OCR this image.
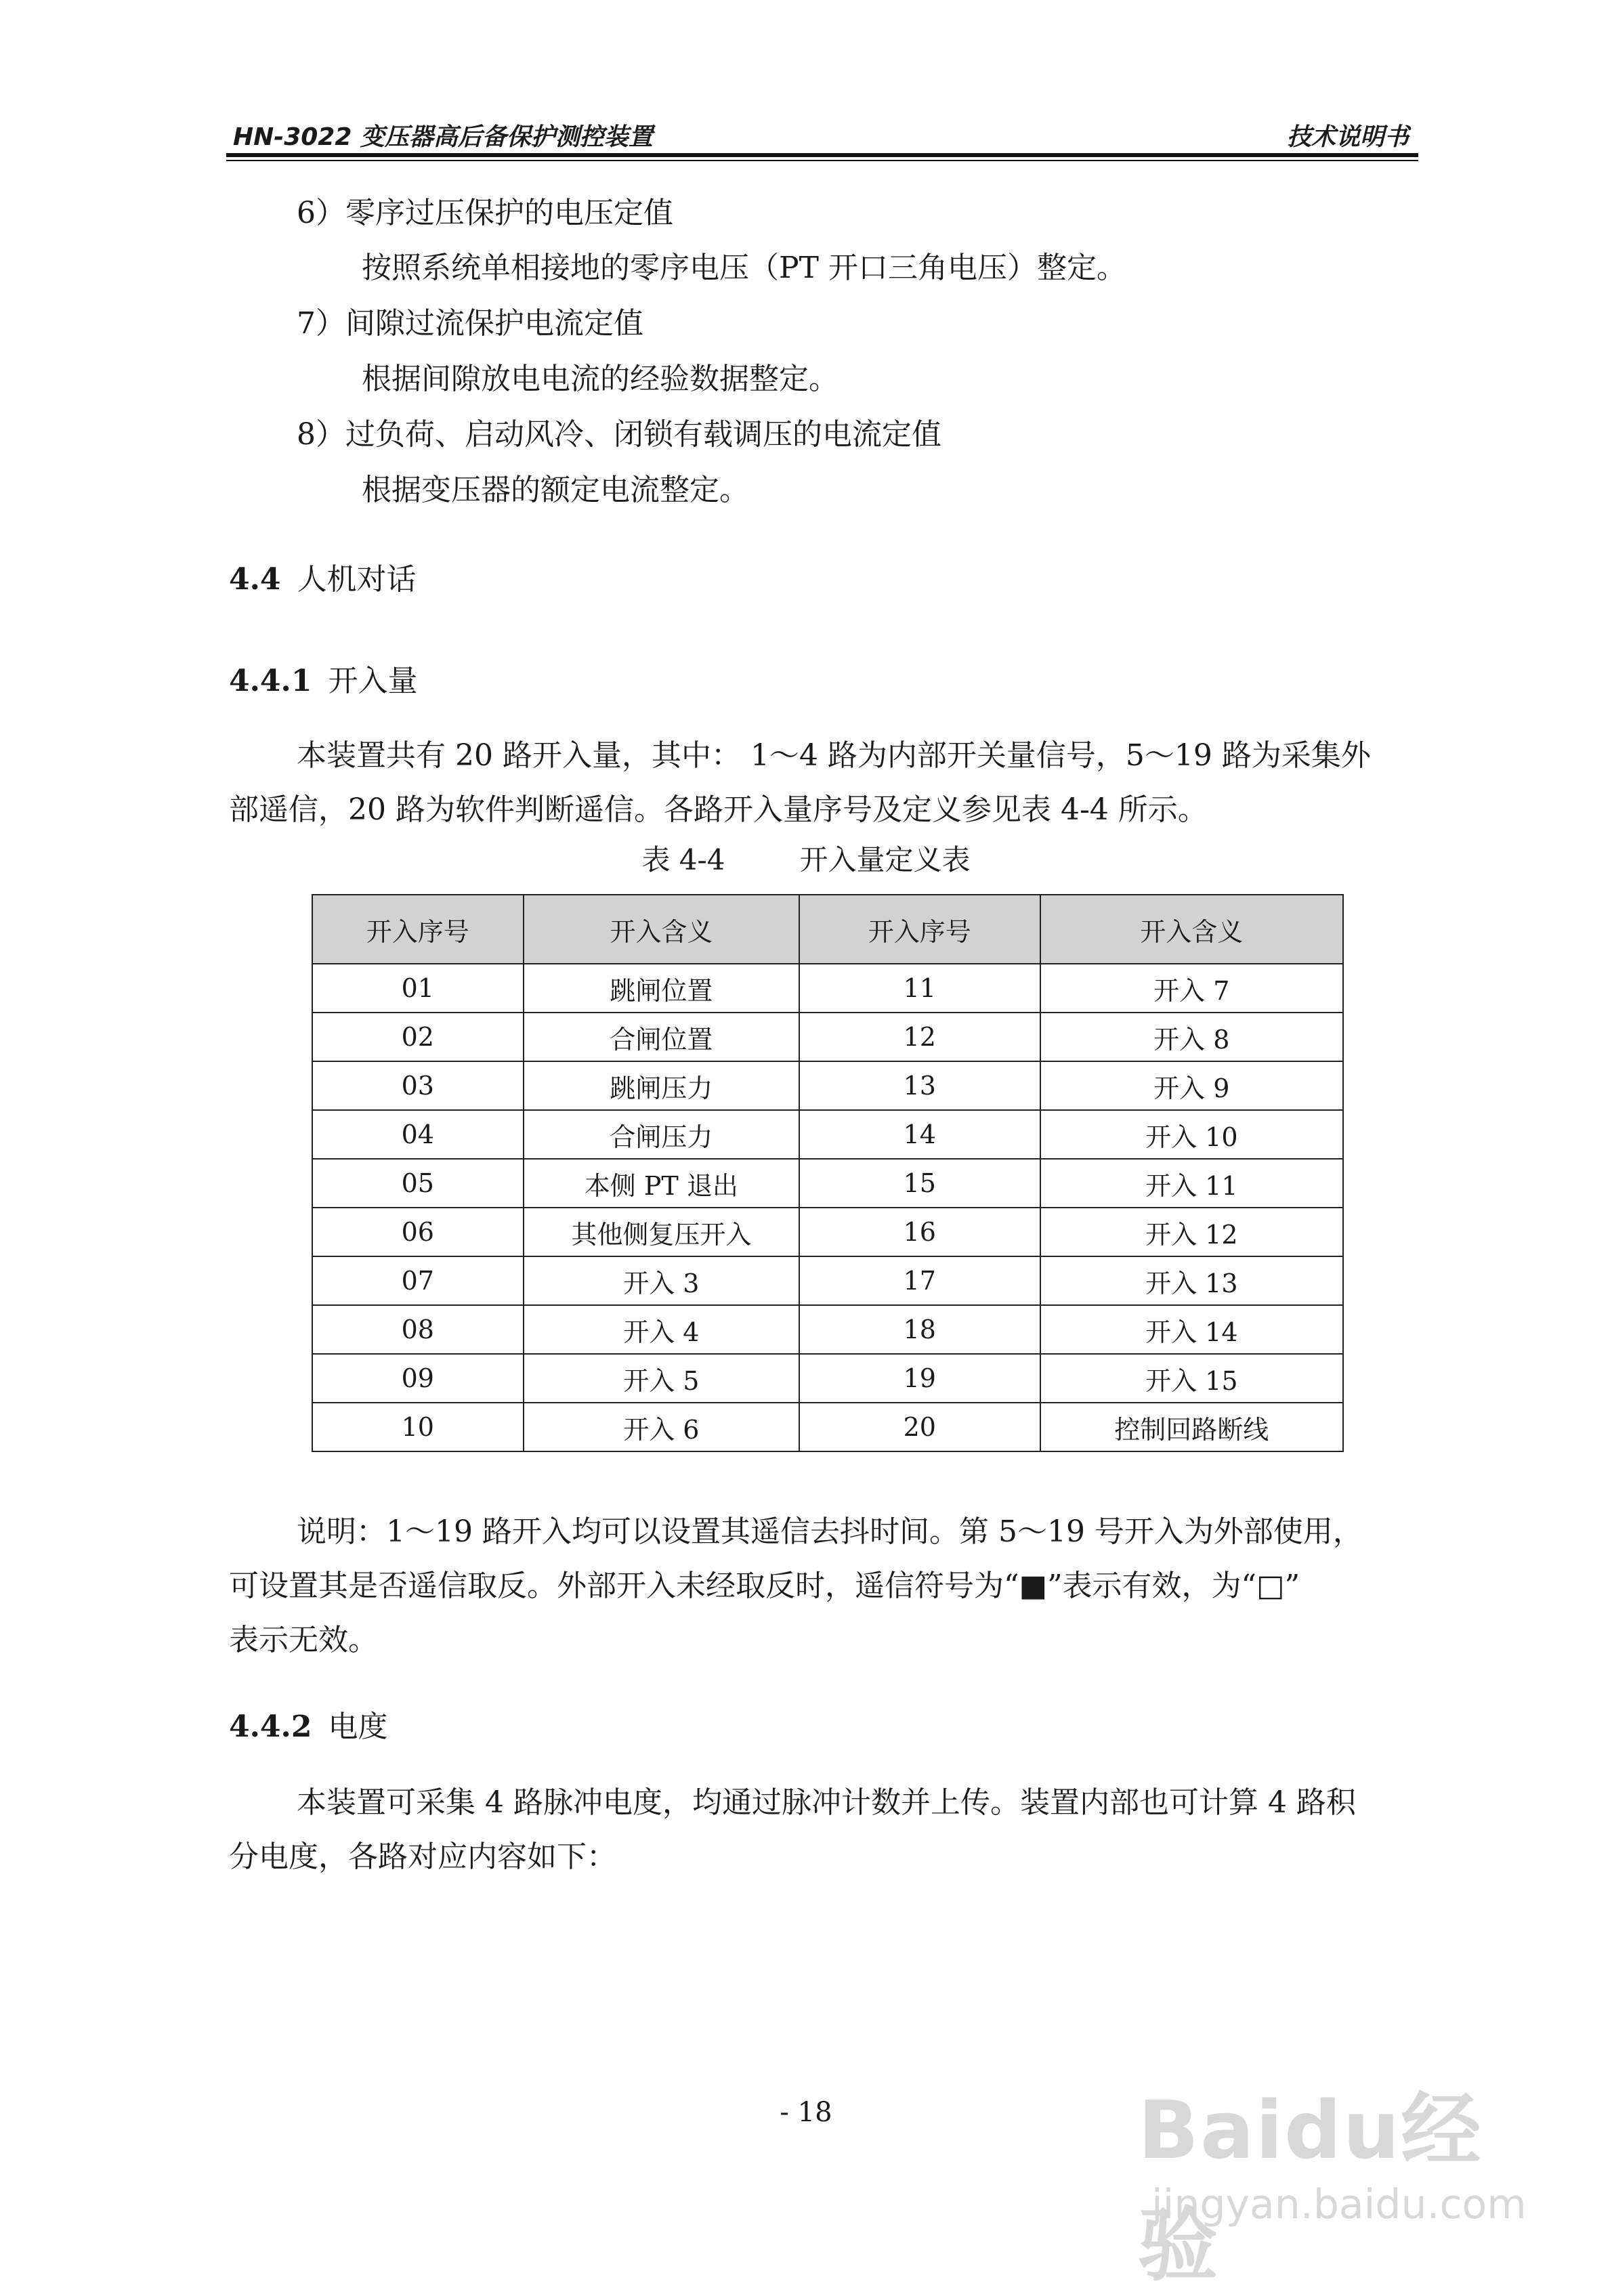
HN-3022 变压器高后备保护测控装置	技术说明书
6）零序过压保护的电压定值
按照系统单相接地的零序电压（PT 开口三角电压）整定。
7）间隙过流保护电流定值
根据间隙放电电流的经验数据整定。
8）过负荷、启动风冷、闭锁有载调压的电流定值
根据变压器的额定电流整定。
4.4 人机对话
4.4.1 开入量
本装置共有 20 路开入量，其中： 1～4 路为内部开关量信号，5～19 路为采集外
部遥信，20 路为软件判断遥信。各路开入量序号及定义参见表 4-4 所示。
表 4-4	开入量定义表
开入序号	开入含义	开入序号	开入含义
01	跳闸位置	11	开入 7
02	合闸位置	12	开入 8
03	跳闸压力	13	开入 9
04	合闸压力	14	开入 10
05	本侧 PT 退出	15	开入 11
06	其他侧复压开入	16	开入 12
07	开入 3	17	开入 13
08	开入 4	18	开入 14
09	开入 5	19	开入 15
10	开入 6	20	控制回路断线
说明：1～19 路开入均可以设置其遥信去抖时间。第 5～19 号开入为外部使用，
可设置其是否遥信取反。外部开入未经取反时，遥信符号为“■”表示有效，为“□”
表示无效。
4.4.2 电度
本装置可采集 4 路脉冲电度，均通过脉冲计数并上传。装置内部也可计算 4 路积
分电度，各路对应内容如下：
- 18	Baidu经验
jingyan.baidu.com
